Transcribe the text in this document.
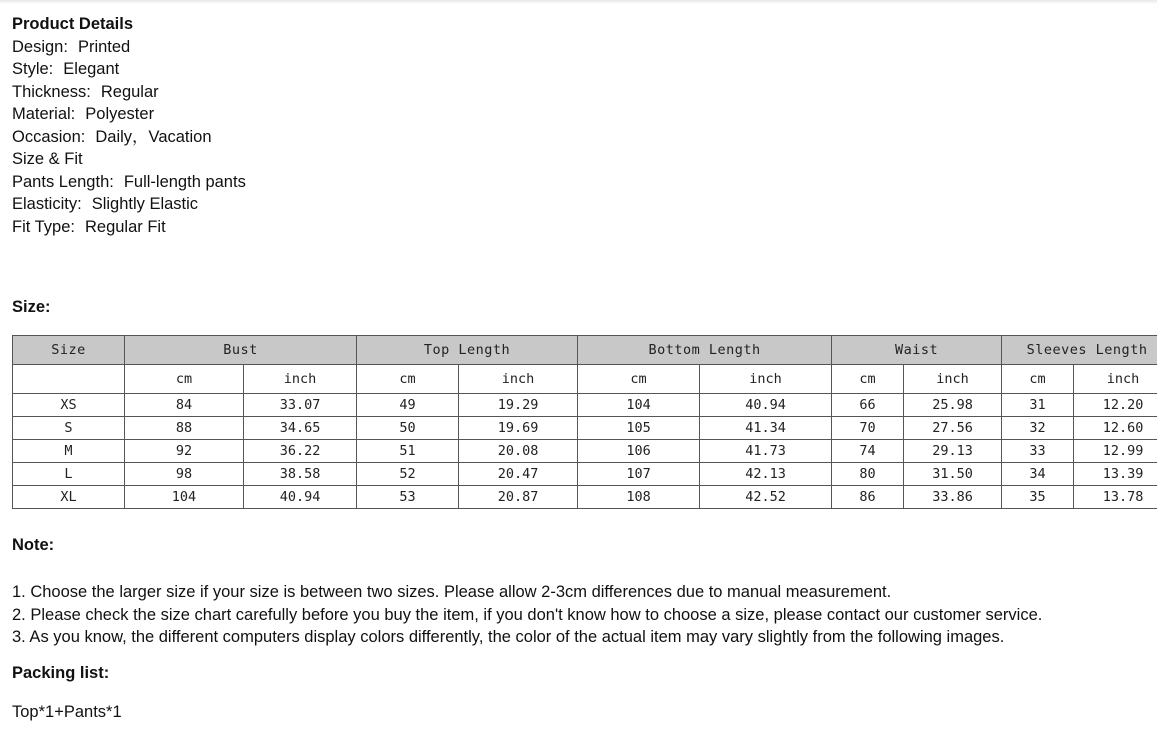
Product Details
Design: Printed
Style: Elegant
Thickness: Regular
Material: Polyester
Occasion: Daily，Vacation
Size & Fit
Pants Length: Full-length pants
Elasticity: Slightly Elastic
Fit Type: Regular Fit
Size:
Size	Bust		Top Length		Bottom Length		Waist		Sleeves Length	
	cm	inch	cm	inch	cm	inch	cm	inch	cm	inch
XS	84	33.07	49	19.29	104	40.94	66	25.98	31	12.20
S	88	34.65	50	19.69	105	41.34	70	27.56	32	12.60
M	92	36.22	51	20.08	106	41.73	74	29.13	33	12.99
L	98	38.58	52	20.47	107	42.13	80	31.50	34	13.39
XL	104	40.94	53	20.87	108	42.52	86	33.86	35	13.78
Note:
1. Choose the larger size if your size is between two sizes. Please allow 2-3cm differences due to manual measurement.
2. Please check the size chart carefully before you buy the item, if you don't know how to choose a size, please contact our customer service.
3. As you know, the different computers display colors differently, the color of the actual item may vary slightly from the following images.
Packing list:
Top*1+Pants*1
